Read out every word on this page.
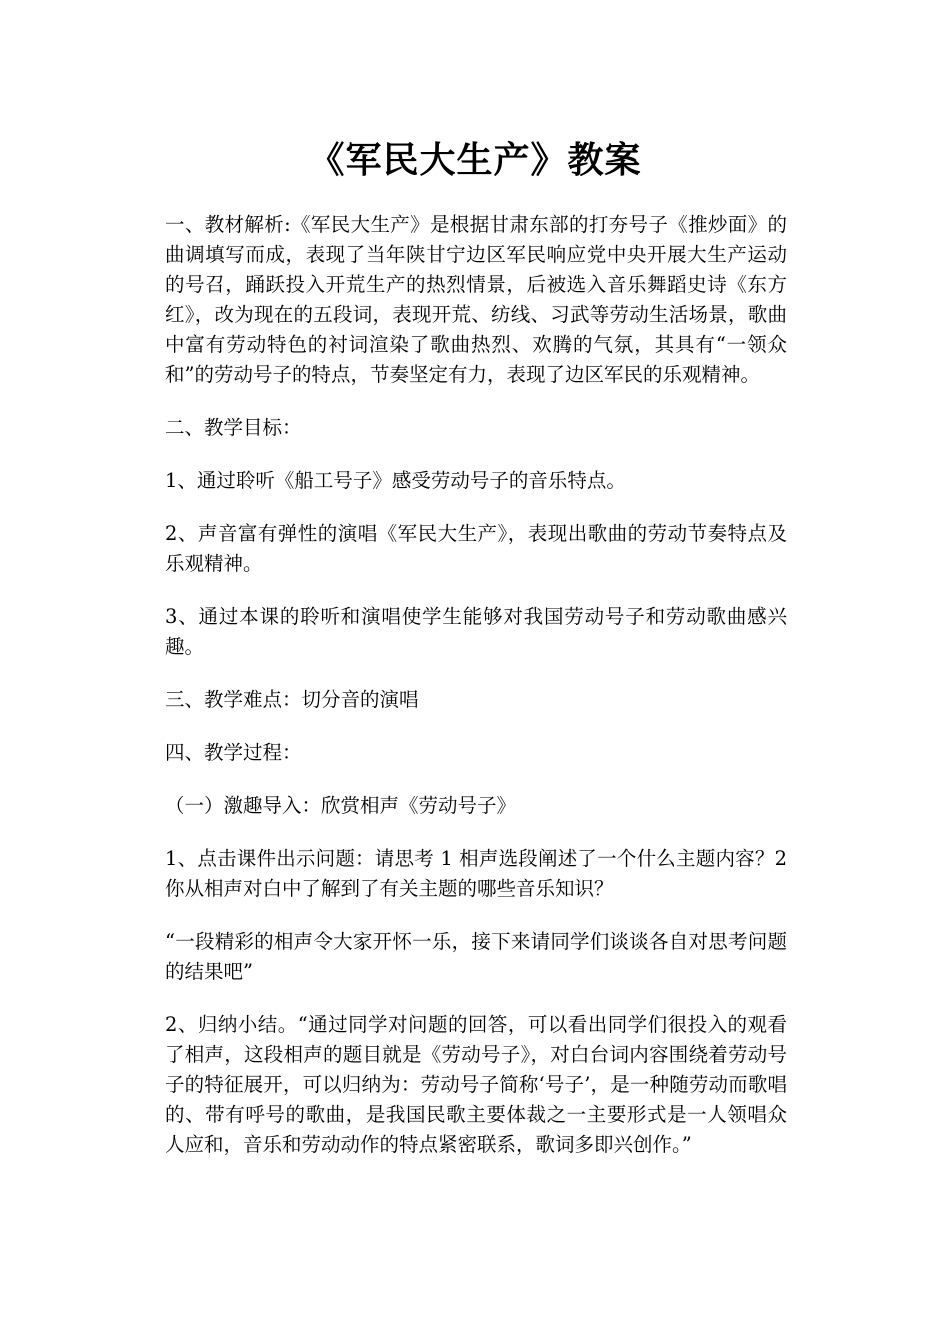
《军民大生产》教案

一、教材解析:《军民大生产》是根据甘肃东部的打夯号子《推炒面》的曲调填写而成，表现了当年陕甘宁边区军民响应党中央开展大生产运动的号召，踊跃投入开荒生产的热烈情景，后被选入音乐舞蹈史诗《东方红》，改为现在的五段词，表现开荒、纺线、习武等劳动生活场景，歌曲中富有劳动特色的衬词渲染了歌曲热烈、欢腾的气氛，其具有“一领众和”的劳动号子的特点，节奏坚定有力，表现了边区军民的乐观精神。

二、教学目标：

1、通过聆听《船工号子》感受劳动号子的音乐特点。

2、声音富有弹性的演唱《军民大生产》，表现出歌曲的劳动节奏特点及乐观精神。

3、通过本课的聆听和演唱使学生能够对我国劳动号子和劳动歌曲感兴趣。

三、教学难点：切分音的演唱

四、教学过程：

（一）激趣导入：欣赏相声《劳动号子》

1、点击课件出示问题：请思考 1 相声选段阐述了一个什么主题内容？2 你从相声对白中了解到了有关主题的哪些音乐知识？

“一段精彩的相声令大家开怀一乐，接下来请同学们谈谈各自对思考问题的结果吧”

2、归纳小结。“通过同学对问题的回答，可以看出同学们很投入的观看了相声，这段相声的题目就是《劳动号子》，对白台词内容围绕着劳动号子的特征展开，可以归纳为：劳动号子简称‘号子’，是一种随劳动而歌唱的、带有呼号的歌曲，是我国民歌主要体裁之一主要形式是一人领唱众人应和，音乐和劳动动作的特点紧密联系，歌词多即兴创作。”
